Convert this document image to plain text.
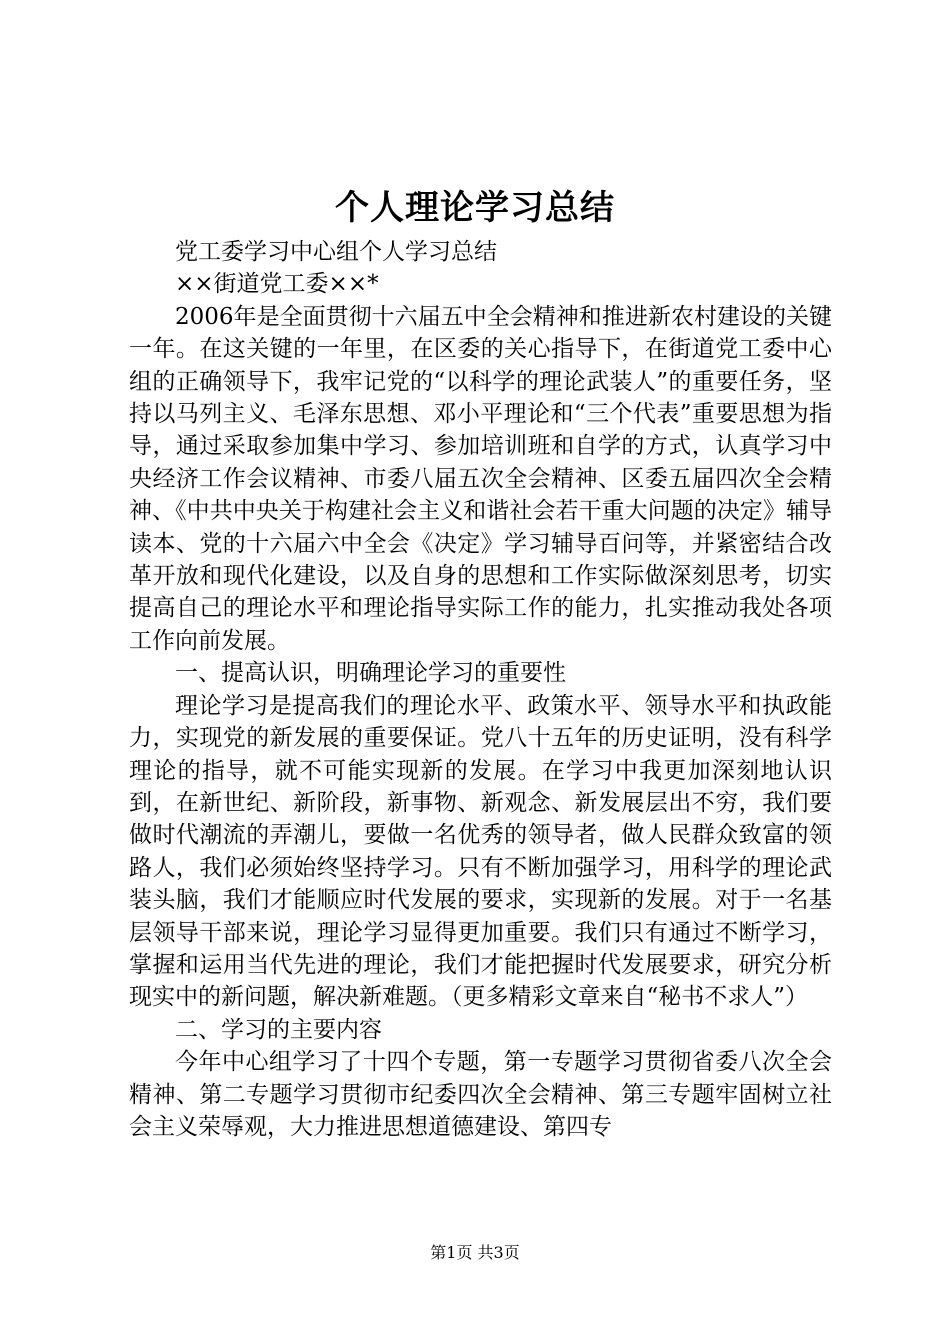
个人理论学习总结

党工委学习中心组个人学习总结

××街道党工委××*

2006年是全面贯彻十六届五中全会精神和推进新农村建设的关键一年。在这关键的一年里，在区委的关心指导下，在街道党工委中心组的正确领导下，我牢记党的“以科学的理论武装人”的重要任务，坚持以马列主义、毛泽东思想、邓小平理论和“三个代表”重要思想为指导，通过采取参加集中学习、参加培训班和自学的方式，认真学习中央经济工作会议精神、市委八届五次全会精神、区委五届四次全会精神、《中共中央关于构建社会主义和谐社会若干重大问题的决定》辅导读本、党的十六届六中全会《决定》学习辅导百问等，并紧密结合改革开放和现代化建设，以及自身的思想和工作实际做深刻思考，切实提高自己的理论水平和理论指导实际工作的能力，扎实推动我处各项工作向前发展。

一、提高认识，明确理论学习的重要性

理论学习是提高我们的理论水平、政策水平、领导水平和执政能力，实现党的新发展的重要保证。党八十五年的历史证明，没有科学理论的指导，就不可能实现新的发展。在学习中我更加深刻地认识到，在新世纪、新阶段，新事物、新观念、新发展层出不穷，我们要做时代潮流的弄潮儿，要做一名优秀的领导者，做人民群众致富的领路人，我们必须始终坚持学习。只有不断加强学习，用科学的理论武装头脑，我们才能顺应时代发展的要求，实现新的发展。对于一名基层领导干部来说，理论学习显得更加重要。我们只有通过不断学习，掌握和运用当代先进的理论，我们才能把握时代发展要求，研究分析现实中的新问题，解决新难题。（更多精彩文章来自“秘书不求人”）

二、学习的主要内容

今年中心组学习了十四个专题，第一专题学习贯彻省委八次全会精神、第二专题学习贯彻市纪委四次全会精神、第三专题牢固树立社会主义荣辱观，大力推进思想道德建设、第四专

第1页 共3页
